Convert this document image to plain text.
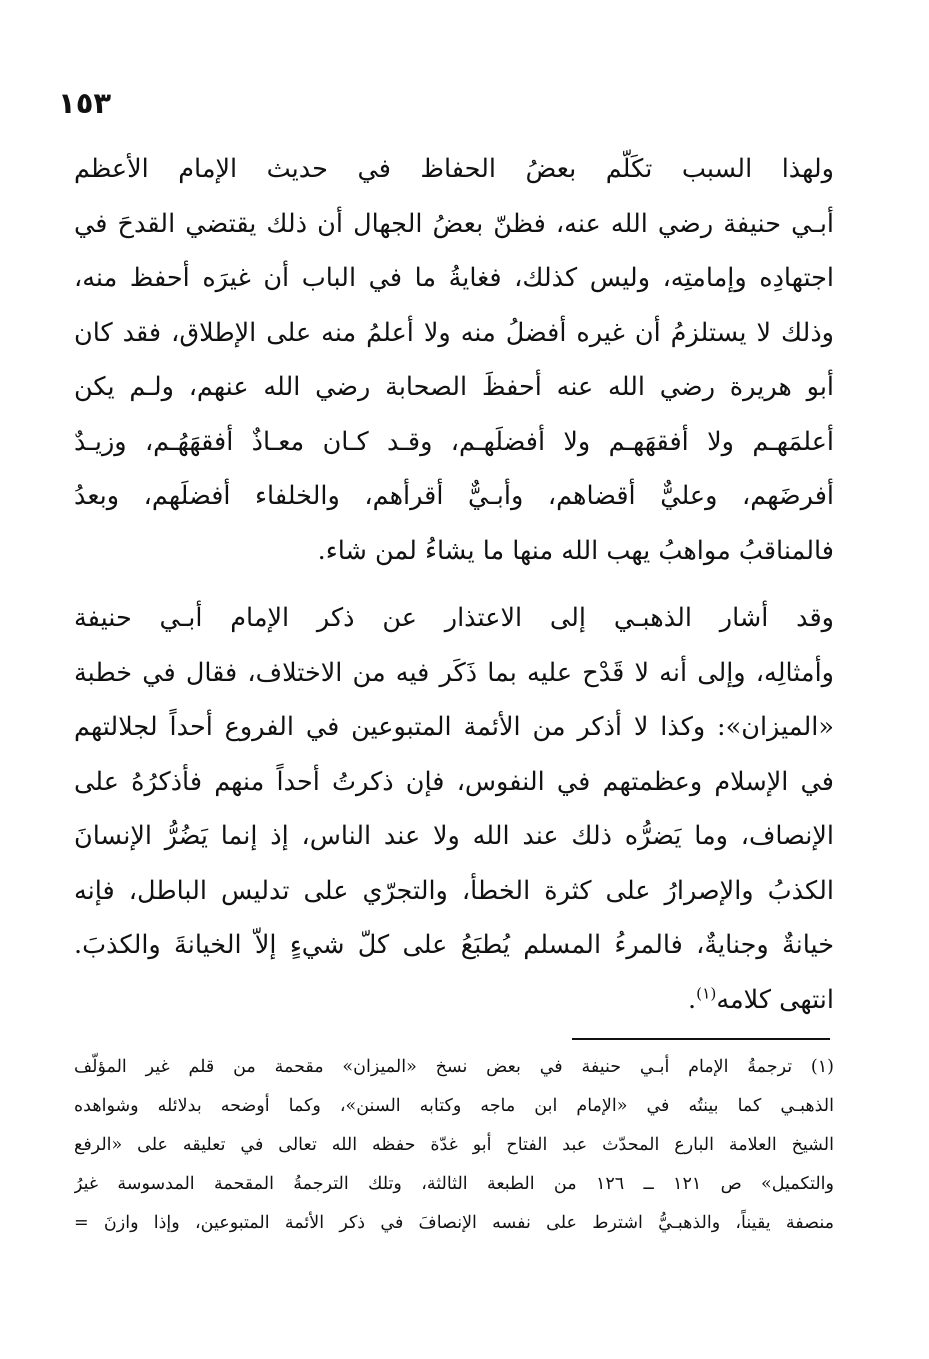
١٥٣
ولهذا السبب تكَلّم بعضُ الحفاظ في حديث الإمام الأعظم
أبـي حنيفة رضي الله عنه، فظنّ بعضُ الجهال أن ذلك يقتضي القدحَ في
اجتهادِه وإمامتِه، وليس كذلك، فغايةُ ما في الباب أن غيرَه أحفظ منه،
وذلك لا يستلزمُ أن غيره أفضلُ منه ولا أعلمُ منه على الإطلاق، فقد كان
أبو هريرة رضي الله عنه أحفظَ الصحابة رضي الله عنهم، ولـم يكن
أعلمَهـم ولا أفقهَهـم ولا أفضلَهـم، وقـد كـان معـاذٌ أفقهَهُـم، وزيـدٌ
أفرضَهم، وعليٌّ أقضاهم، وأبـيٌّ أقرأهم، والخلفاء أفضلَهم، وبعدُ
فالمناقبُ مواهبُ يهب الله منها ما يشاءُ لمن شاء.
وقد أشار الذهبـي إلى الاعتذار عن ذكر الإمام أبـي حنيفة
وأمثالِه، وإلى أنه لا قَدْح عليه بما ذَكَر فيه من الاختلاف، فقال في خطبة
«الميزان»: وكذا لا أذكر من الأئمة المتبوعين في الفروع أحداً لجلالتهم
في الإسلام وعظمتهم في النفوس، فإن ذكرتُ أحداً منهم فأذكرُهُ على
الإنصاف، وما يَضرُّه ذلك عند الله ولا عند الناس، إذ إنما يَضُرُّ الإنسانَ
الكذبُ والإصرارُ على كثرة الخطأ، والتجرّي على تدليس الباطل، فإنه
خيانةٌ وجنايةٌ، فالمرءُ المسلم يُطبَعُ على كلّ شيءٍ إلاّ الخيانةَ والكذبَ.
انتهى كلامه$^{(١)}$.
(١) ترجمةُ الإمام أبـي حنيفة في بعض نسخ «الميزان» مقحمة من قلم غير المؤلّف
الذهبـي كما بينتُه في «الإمام ابن ماجه وكتابه السنن»، وكما أوضحه بدلائله وشواهده
الشيخ العلامة البارع المحدّث عبد الفتاح أبو غدّة حفظه الله تعالى في تعليقه على «الرفع
والتكميل» ص ١٢١ ــ ١٢٦ من الطبعة الثالثة، وتلك الترجمةُ المقحمة المدسوسة غيرُ
منصفة يقيناً، والذهبـيُّ اشترط على نفسه الإنصافَ في ذكر الأئمة المتبوعين، وإذا وازنَ =
